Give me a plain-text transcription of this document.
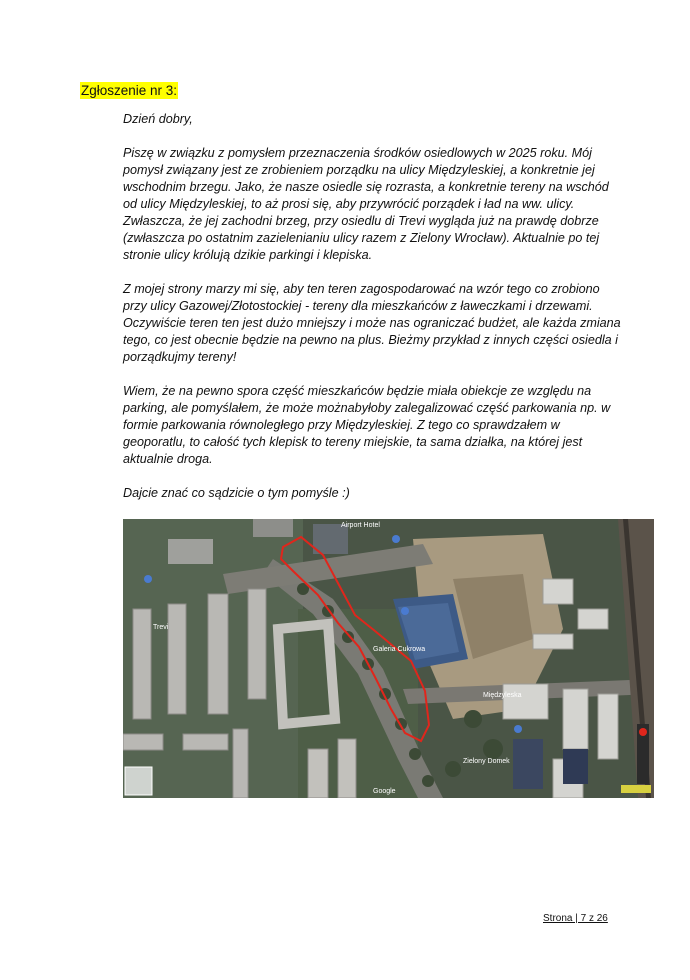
Zgłoszenie nr 3:

Dzień dobry,

Piszę w związku z pomysłem przeznaczenia środków osiedlowych w 2025 roku. Mój pomysł związany jest ze zrobieniem porządku na ulicy Międzyleskiej, a konkretnie jej wschodnim brzegu. Jako, że nasze osiedle się rozrasta, a konkretnie tereny na wschód od ulicy Międzyleskiej, to aż prosi się, aby przywrócić porządek i ład na ww. ulicy. Zwłaszcza, że jej zachodni brzeg, przy osiedlu di Trevi wygląda już na prawdę dobrze (zwłaszcza po ostatnim zazielenianiu ulicy razem z Zielony Wrocław). Aktualnie po tej stronie ulicy królują dzikie parkingi i klepiska.

Z mojej strony marzy mi się, aby ten teren zagospodarować na wzór tego co zrobiono przy ulicy Gazowej/Złotostockiej - tereny dla mieszkańców z ławeczkami i drzewami. Oczywiście teren ten jest dużo mniejszy i może nas ograniczać budżet, ale każda zmiana tego, co jest obecnie będzie na pewno na plus. Bieżmy przykład z innych części osiedla i porządkujmy tereny!

Wiem, że na pewno spora część mieszkańców będzie miała obiekcje ze względu na parking, ale pomyślałem, że może możnabyłoby zalegalizować część parkowania np. w formie parkowania równoległego przy Międzyleskiej. Z tego co sprawdzałem w geoporatlu, to całość tych klepisk to tereny miejskie, ta sama działka, na której jest aktualnie droga.

Dajcie znać co sądzicie o tym pomyśle :)

Airport Hotel
Galeria Cukrowa
Trevi
Zielony Domek
Międzyleska
Google
Strona | 7 z 26
